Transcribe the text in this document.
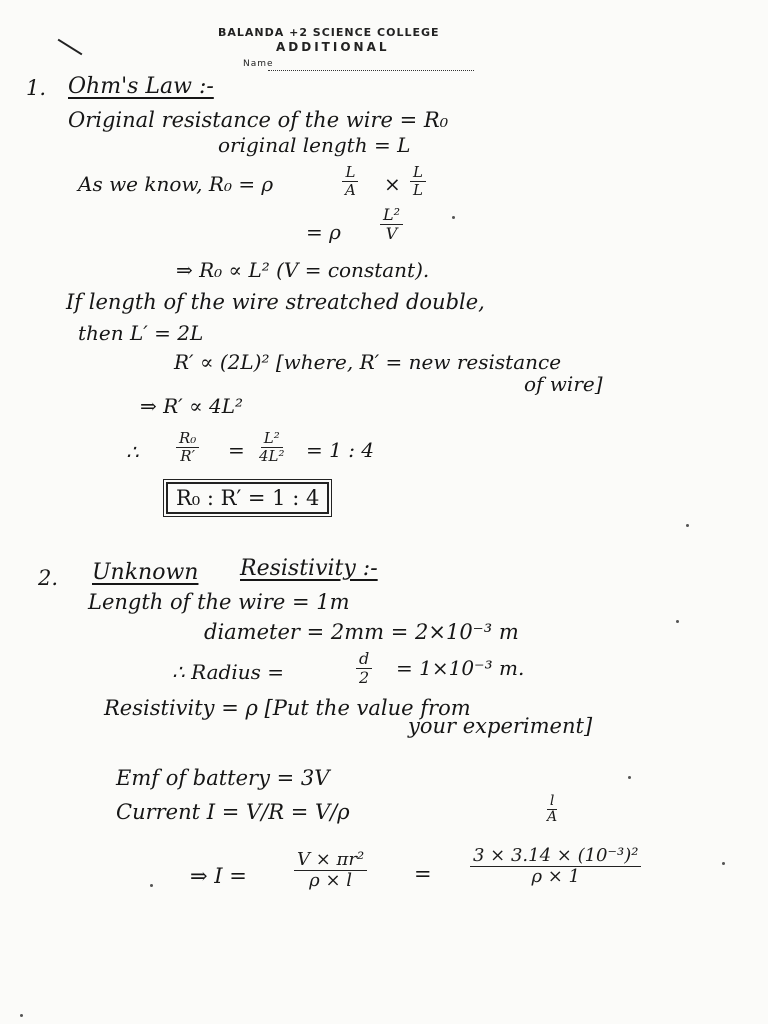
BALANDA +2 SCIENCE COLLEGE
ADDITIONAL
Name
1. Ohm's Law :-
Original resistance of the wire = R₀
original length = L
As we know, R₀ = ρ	$\frac{L}{A} \times \frac{L}{L}$
= ρ $\frac{\text{L²}}{V}$
⇒ R₀ ∝ L² (V = constant).
If length of the wire streatched double,
then L′ = 2L
R′ ∝ (2L)² [where, R′ = new resistance
of wire]
⇒ R′ ∝ 4L²
∴ $\frac{\text{R₀}}{R'} = \frac{\text{L²}}{\text{4L²}} = 1$ : 4
R₀ : R′ = 1 : 4
2. Unknown Resistivity :-
Length of the wire = 1m
diameter = 2mm = 2×10⁻³ m
∴ Radius =	$\frac{d}{2} = 1\times 10^{-3}$ m.
Resistivity = ρ [Put the value from
your experiment]
Emf of battery = 3V
Current I = V/R = V/ρ	$\frac{l}{A}$
⇒ I =	$\frac{\text{V × πr²}}{\rho \times l} = \frac{\text{3 × 3.14 × (10⁻³)²}}{\rho \times 1}$
